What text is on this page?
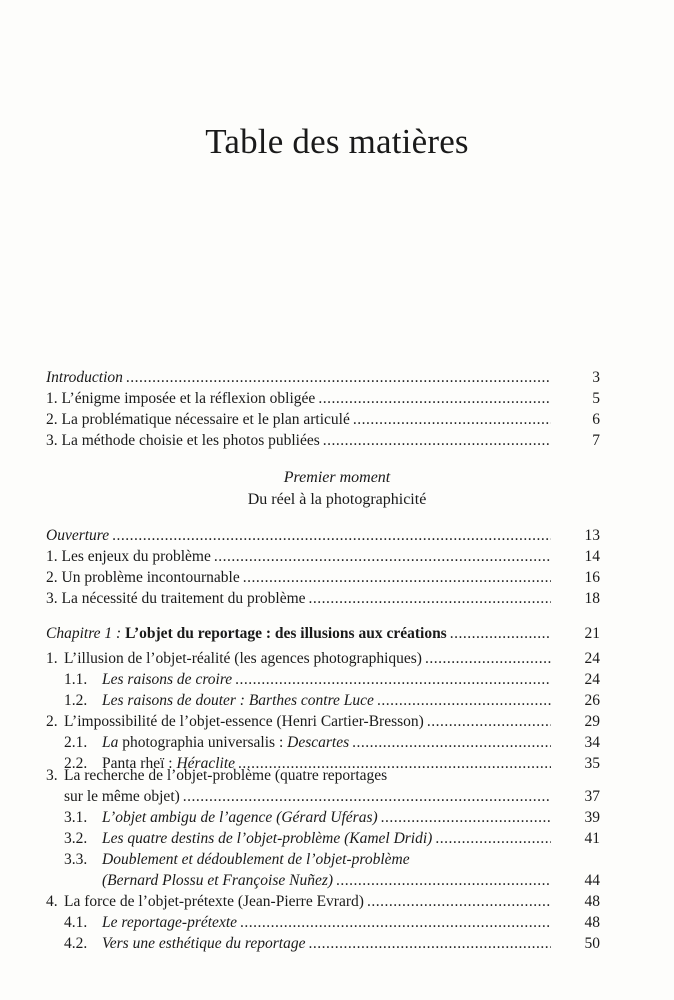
Table des matières
Introduction .....	3
1. L’énigme imposée et la réflexion obligée .....	5
2. La problématique nécessaire et le plan articulé .....	6
3. La méthode choisie et les photos publiées .....	7
Premier moment
Du réel à la photographicité
Ouverture .....	13
1. Les enjeux du problème .....	14
2. Un problème incontournable .....	16
3. La nécessité du traitement du problème .....	18
Chapitre 1 :
L’objet du reportage : des illusions aux créations .....	21
1. L’illusion de l’objet-réalité (les agences photographiques) .....	24
1.1. Les raisons de croire .....	24
1.2. Les raisons de douter : Barthes contre Luce .....	26
2. L’impossibilité de l’objet-essence (Henri Cartier-Bresson) .....	29
2.1. La photographia universalis : Descartes .....	34
2.2. Panta rheï : Héraclite .....	35
3. La recherche de l’objet-problème (quatre reportages
sur le même objet) .....	37
3.1. L’objet ambigu de l’agence (Gérard Uféras) .....	39
3.2. Les quatre destins de l’objet-problème (Kamel Dridi) .....	41
3.3. Doublement et dédoublement de l’objet-problème
(Bernard Plossu et Françoise Nuñez) .....	44
4. La force de l’objet-prétexte (Jean-Pierre Evrard) .....	48
4.1. Le reportage-prétexte .....	48
4.2. Vers une esthétique du reportage .....	50
